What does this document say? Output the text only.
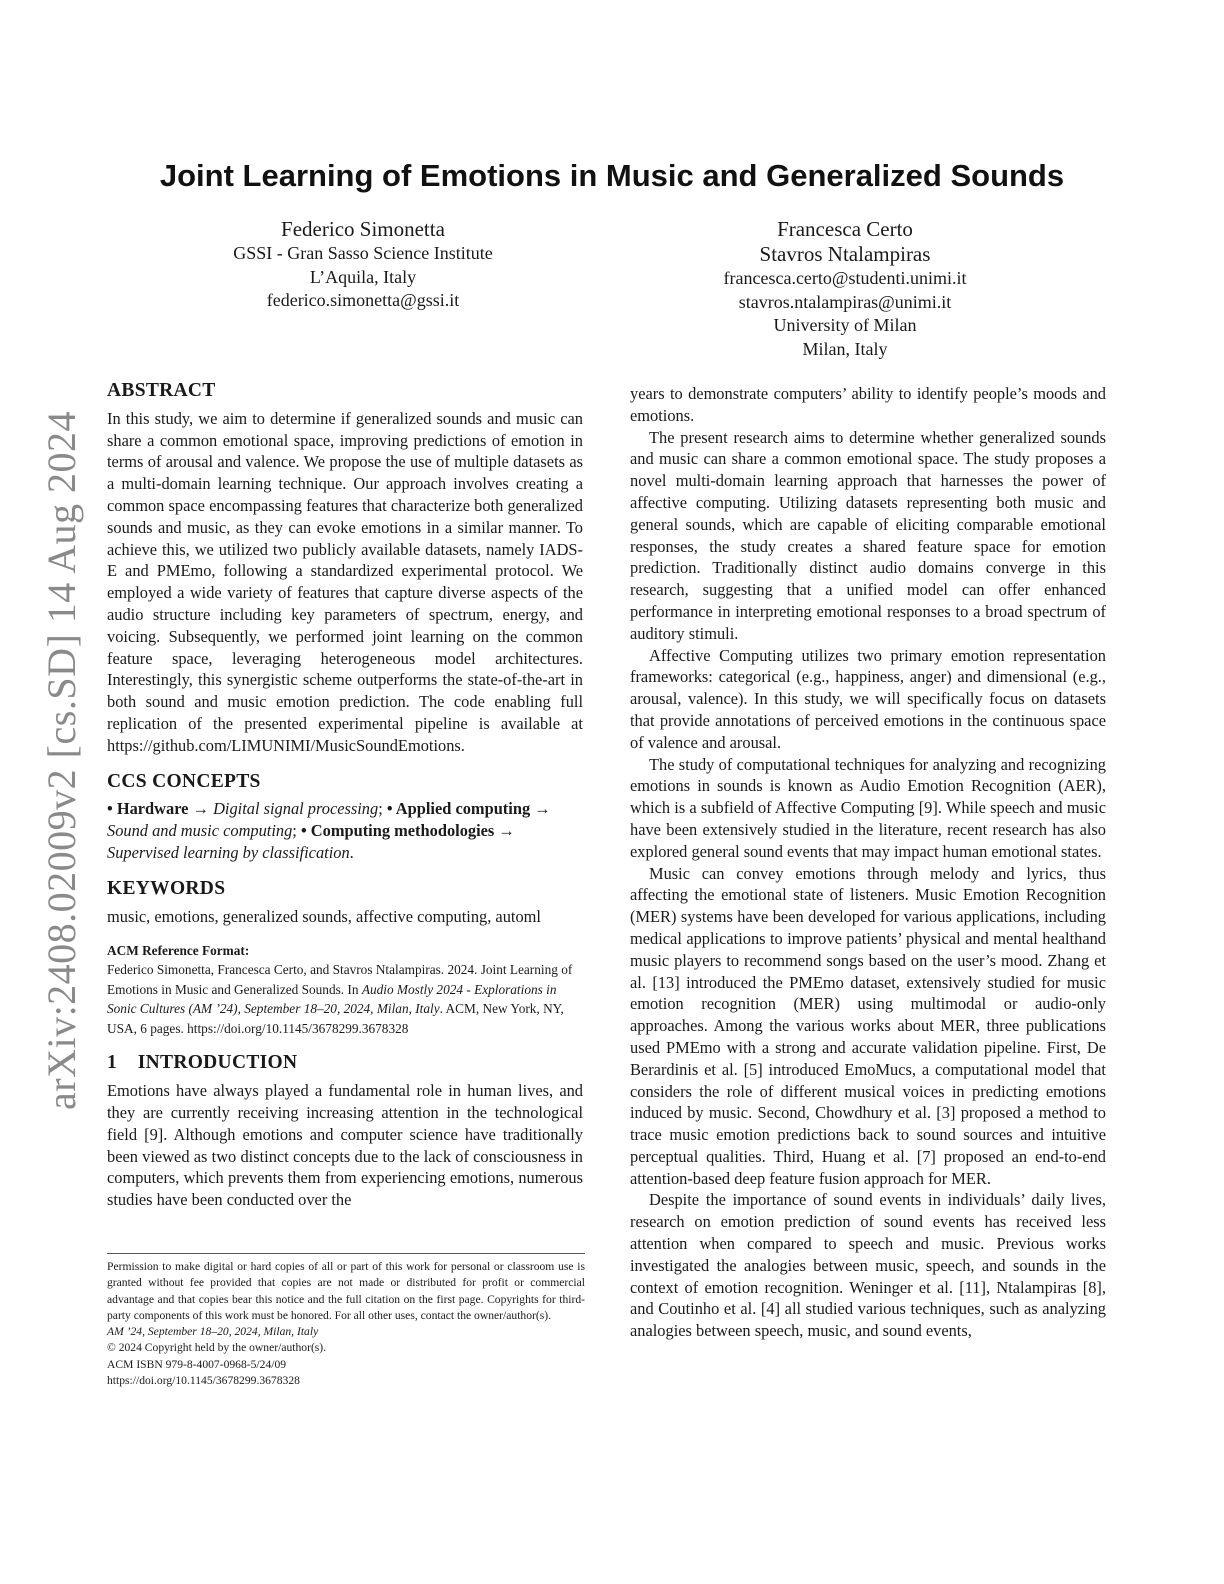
arXiv:2408.02009v2 [cs.SD] 14 Aug 2024
Joint Learning of Emotions in Music and Generalized Sounds
Federico Simonetta
GSSI - Gran Sasso Science Institute
L’Aquila, Italy
federico.simonetta@gssi.it
Francesca Certo
Stavros Ntalampiras
francesca.certo@studenti.unimi.it
stavros.ntalampiras@unimi.it
University of Milan
Milan, Italy
ABSTRACT

In this study, we aim to determine if generalized sounds and music can share a common emotional space, improving predictions of emotion in terms of arousal and valence. We propose the use of multiple datasets as a multi-domain learning technique. Our approach involves creating a common space encompassing features that characterize both generalized sounds and music, as they can evoke emotions in a similar manner. To achieve this, we utilized two publicly available datasets, namely IADS-E and PMEmo, following a standardized experimental protocol. We employed a wide variety of features that capture diverse aspects of the audio structure including key parameters of spectrum, energy, and voicing. Subsequently, we performed joint learning on the common feature space, leveraging heterogeneous model architectures. Interestingly, this synergistic scheme outperforms the state-of-the-art in both sound and music emotion prediction. The code enabling full replication of the presented experimental pipeline is available at https://github.com/LIMUNIMI/MusicSoundEmotions.

CCS CONCEPTS

• Hardware → Digital signal processing; • Applied computing → Sound and music computing; • Computing methodologies → Supervised learning by classification.

KEYWORDS

music, emotions, generalized sounds, affective computing, automl

ACM Reference Format:
Federico Simonetta, Francesca Certo, and Stavros Ntalampiras. 2024. Joint Learning of Emotions in Music and Generalized Sounds. In Audio Mostly 2024 - Explorations in Sonic Cultures (AM ’24), September 18–20, 2024, Milan, Italy. ACM, New York, NY, USA, 6 pages. https://doi.org/10.1145/3678299.3678328
1    INTRODUCTION

Emotions have always played a fundamental role in human lives, and they are currently receiving increasing attention in the technological field [9]. Although emotions and computer science have traditionally been viewed as two distinct concepts due to the lack of consciousness in computers, which prevents them from experiencing emotions, numerous studies have been conducted over the

Permission to make digital or hard copies of all or part of this work for personal or classroom use is granted without fee provided that copies are not made or distributed for profit or commercial advantage and that copies bear this notice and the full citation on the first page. Copyrights for third-party components of this work must be honored. For all other uses, contact the owner/author(s).
AM ’24, September 18–20, 2024, Milan, Italy
© 2024 Copyright held by the owner/author(s).
ACM ISBN 979-8-4007-0968-5/24/09
https://doi.org/10.1145/3678299.3678328

years to demonstrate computers’ ability to identify people’s moods and emotions.

The present research aims to determine whether generalized sounds and music can share a common emotional space. The study proposes a novel multi-domain learning approach that harnesses the power of affective computing. Utilizing datasets representing both music and general sounds, which are capable of eliciting comparable emotional responses, the study creates a shared feature space for emotion prediction. Traditionally distinct audio domains converge in this research, suggesting that a unified model can offer enhanced performance in interpreting emotional responses to a broad spectrum of auditory stimuli.

Affective Computing utilizes two primary emotion representation frameworks: categorical (e.g., happiness, anger) and dimensional (e.g., arousal, valence). In this study, we will specifically focus on datasets that provide annotations of perceived emotions in the continuous space of valence and arousal.

The study of computational techniques for analyzing and recognizing emotions in sounds is known as Audio Emotion Recognition (AER), which is a subfield of Affective Computing [9]. While speech and music have been extensively studied in the literature, recent research has also explored general sound events that may impact human emotional states.

Music can convey emotions through melody and lyrics, thus affecting the emotional state of listeners. Music Emotion Recognition (MER) systems have been developed for various applications, including medical applications to improve patients’ physical and mental healthand music players to recommend songs based on the user’s mood. Zhang et al. [13] introduced the PMEmo dataset, extensively studied for music emotion recognition (MER) using multimodal or audio-only approaches. Among the various works about MER, three publications used PMEmo with a strong and accurate validation pipeline. First, De Berardinis et al. [5] introduced EmoMucs, a computational model that considers the role of different musical voices in predicting emotions induced by music. Second, Chowdhury et al. [3] proposed a method to trace music emotion predictions back to sound sources and intuitive perceptual qualities. Third, Huang et al. [7] proposed an end-to-end attention-based deep feature fusion approach for MER.

Despite the importance of sound events in individuals’ daily lives, research on emotion prediction of sound events has received less attention when compared to speech and music. Previous works investigated the analogies between music, speech, and sounds in the context of emotion recognition. Weninger et al. [11], Ntalampiras [8], and Coutinho et al. [4] all studied various techniques, such as analyzing analogies between speech, music, and sound events,
